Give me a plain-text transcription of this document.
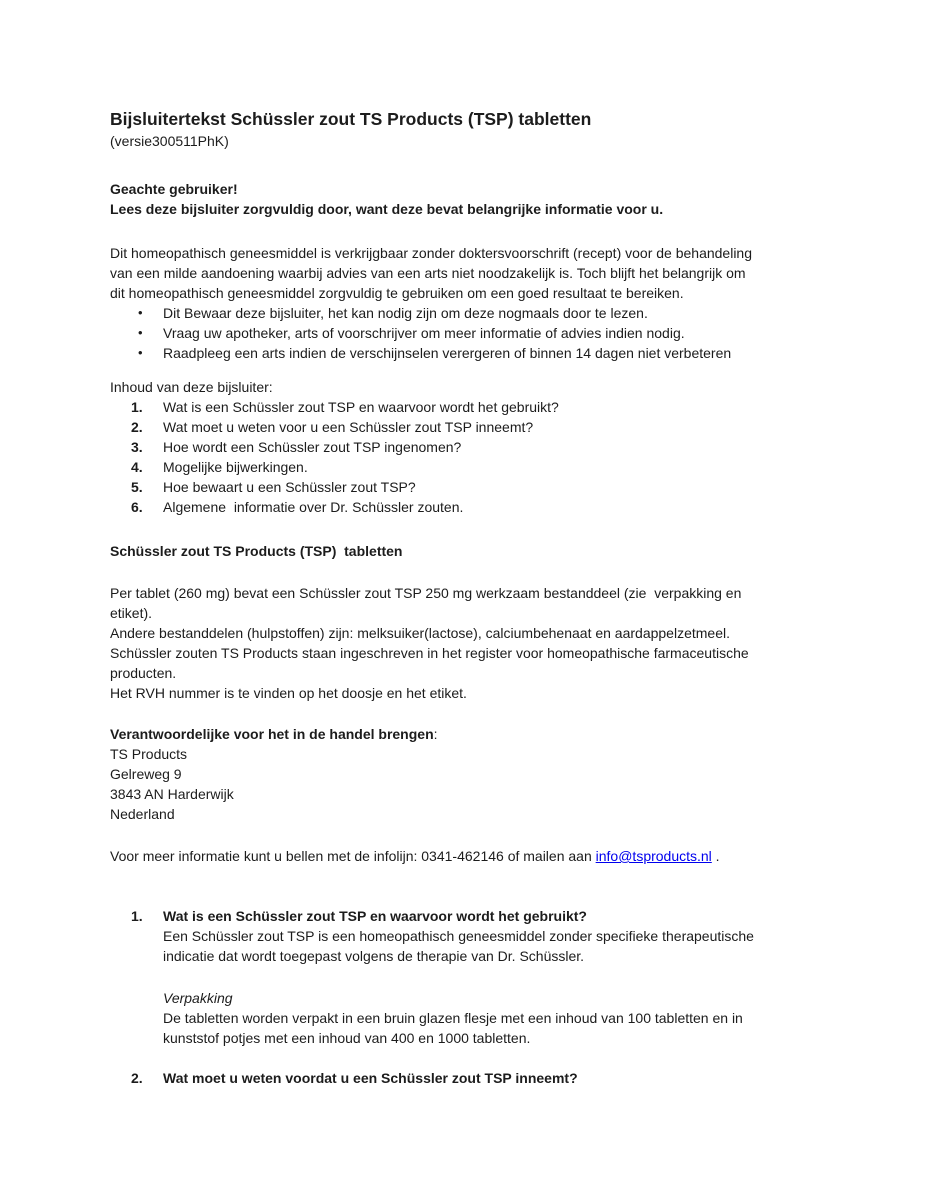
Bijsluitertekst Schüssler zout TS Products (TSP) tabletten
(versie300511PhK)
Geachte gebruiker!
Lees deze bijsluiter zorgvuldig door, want deze bevat belangrijke informatie voor u.
Dit homeopathisch geneesmiddel is verkrijgbaar zonder doktersvoorschrift (recept) voor de behandeling
van een milde aandoening waarbij advies van een arts niet noodzakelijk is. Toch blijft het belangrijk om
dit homeopathisch geneesmiddel zorgvuldig te gebruiken om een goed resultaat te bereiken.
•	Dit Bewaar deze bijsluiter, het kan nodig zijn om deze nogmaals door te lezen.
•	Vraag uw apotheker, arts of voorschrijver om meer informatie of advies indien nodig.
•	Raadpleeg een arts indien de verschijnselen verergeren of binnen 14 dagen niet verbeteren
Inhoud van deze bijsluiter:
1.	Wat is een Schüssler zout TSP en waarvoor wordt het gebruikt?
2.	Wat moet u weten voor u een Schüssler zout TSP inneemt?
3.	Hoe wordt een Schüssler zout TSP ingenomen?
4.	Mogelijke bijwerkingen.
5.	Hoe bewaart u een Schüssler zout TSP?
6.	Algemene  informatie over Dr. Schüssler zouten.
Schüssler zout TS Products (TSP)  tabletten
Per tablet (260 mg) bevat een Schüssler zout TSP 250 mg werkzaam bestanddeel (zie  verpakking en
etiket).
Andere bestanddelen (hulpstoffen) zijn: melksuiker(lactose), calciumbehenaat en aardappelzetmeel.
Schüssler zouten TS Products staan ingeschreven in het register voor homeopathische farmaceutische
producten.
Het RVH nummer is te vinden op het doosje en het etiket.
Verantwoordelijke voor het in de handel brengen:
TS Products
Gelreweg 9
3843 AN Harderwijk
Nederland
Voor meer informatie kunt u bellen met de infolijn: 0341-462146 of mailen aan info@tsproducts.nl .
1.	Wat is een Schüssler zout TSP en waarvoor wordt het gebruikt?
Een Schüssler zout TSP is een homeopathisch geneesmiddel zonder specifieke therapeutische
indicatie dat wordt toegepast volgens de therapie van Dr. Schüssler.
Verpakking
De tabletten worden verpakt in een bruin glazen flesje met een inhoud van 100 tabletten en in
kunststof potjes met een inhoud van 400 en 1000 tabletten.
2.	Wat moet u weten voordat u een Schüssler zout TSP inneemt?
